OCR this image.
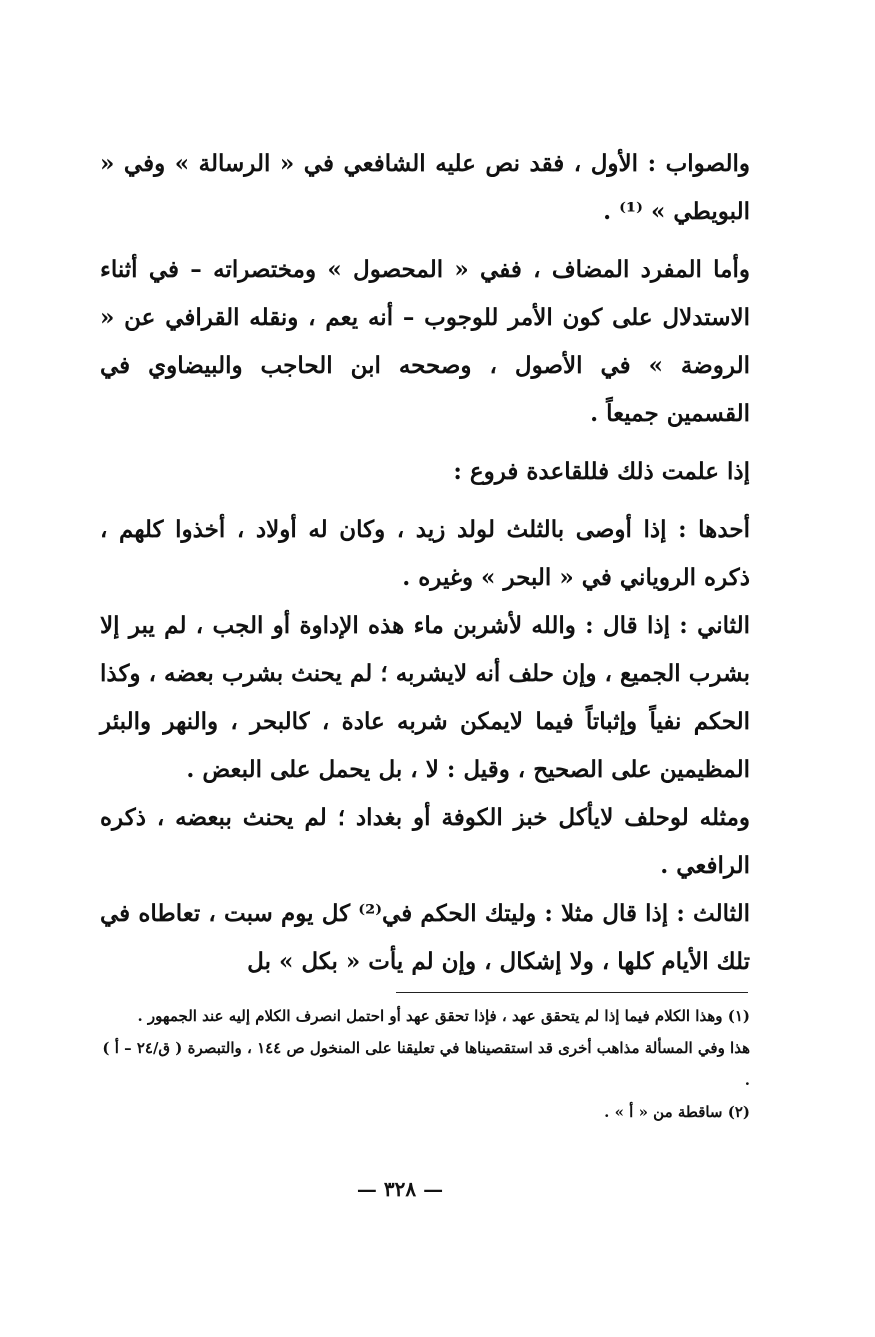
والصواب : الأول ، فقد نص عليه الشافعي في « الرسالة » وفي « البويطي » ⁽¹⁾ .

وأما المفرد المضاف ، ففي « المحصول » ومختصراته – في أثناء الاستدلال على كون الأمر للوجوب – أنه يعم ، ونقله القرافي عن « الروضة » في الأصول ، وصححه ابن الحاجب والبيضاوي في القسمين جميعاً .

إذا علمت ذلك فللقاعدة فروع :

أحدها : إذا أوصى بالثلث لولد زيد ، وكان له أولاد ، أخذوا كلهم ، ذكره الروياني في « البحر » وغيره .

الثاني : إذا قال : والله لأشربن ماء هذه الإداوة أو الجب ، لم يبر إلا بشرب الجميع ، وإن حلف أنه لايشربه ؛ لم يحنث بشرب بعضه ، وكذا الحكم نفياً وإثباتاً فيما لايمكن شربه عادة ، كالبحر ، والنهر والبئر المظيمين على الصحيح ، وقيل : لا ، بل يحمل على البعض .

ومثله لوحلف لايأكل خبز الكوفة أو بغداد ؛ لم يحنث ببعضه ، ذكره الرافعي .

الثالث : إذا قال مثلا : وليتك الحكم في⁽²⁾ كل يوم سبت ، تعاطاه في تلك الأيام كلها ، ولا إشكال ، وإن لم يأت « بكل » بل

(١) وهذا الكلام فيما إذا لم يتحقق عهد ، فإذا تحقق عهد أو احتمل انصرف الكلام إليه عند الجمهور .

هذا وفي المسألة مذاهب أخرى قد استقصيناها في تعليقنا على المنخول ص ١٤٤ ، والتبصرة ( ق/٢٤ – أ ) .

(٢) ساقطة من « أ » .

— ٣٢٨ —
